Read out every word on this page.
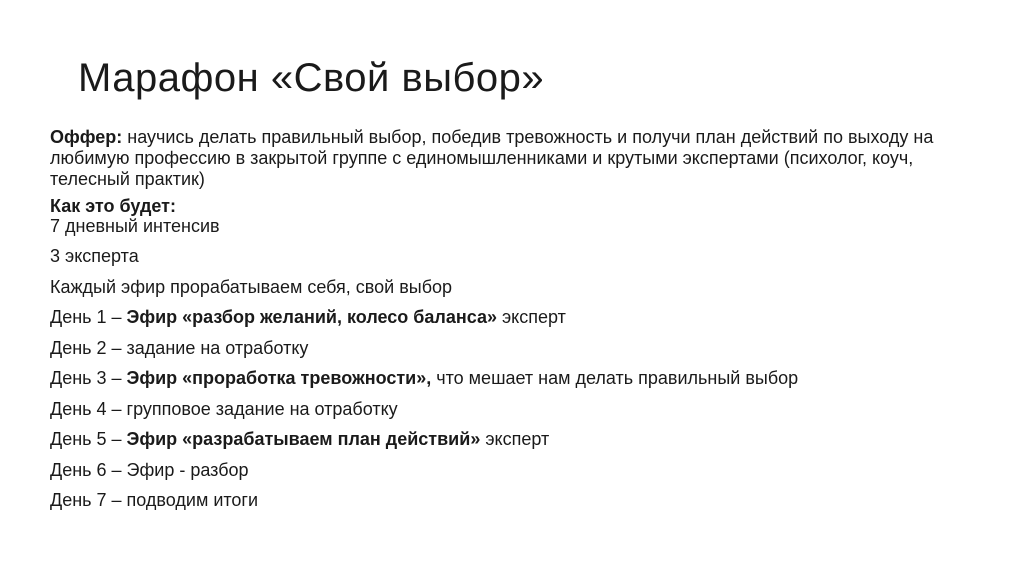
Марафон «Свой выбор»
Оффер: научись делать правильный выбор, победив тревожность и получи план действий по выходу на любимую профессию в закрытой группе с единомышленниками и крутыми экспертами (психолог, коуч, телесный практик)
Как это будет:
7 дневный интенсив
3 эксперта
Каждый эфир прорабатываем себя, свой выбор
День 1 – Эфир «разбор желаний, колесо баланса» эксперт
День 2 – задание на отработку
День 3 – Эфир «проработка тревожности», что мешает нам делать правильный выбор
День 4 – групповое задание на отработку
День 5 – Эфир «разрабатываем план действий» эксперт
День 6 – Эфир - разбор
День 7 – подводим итоги
